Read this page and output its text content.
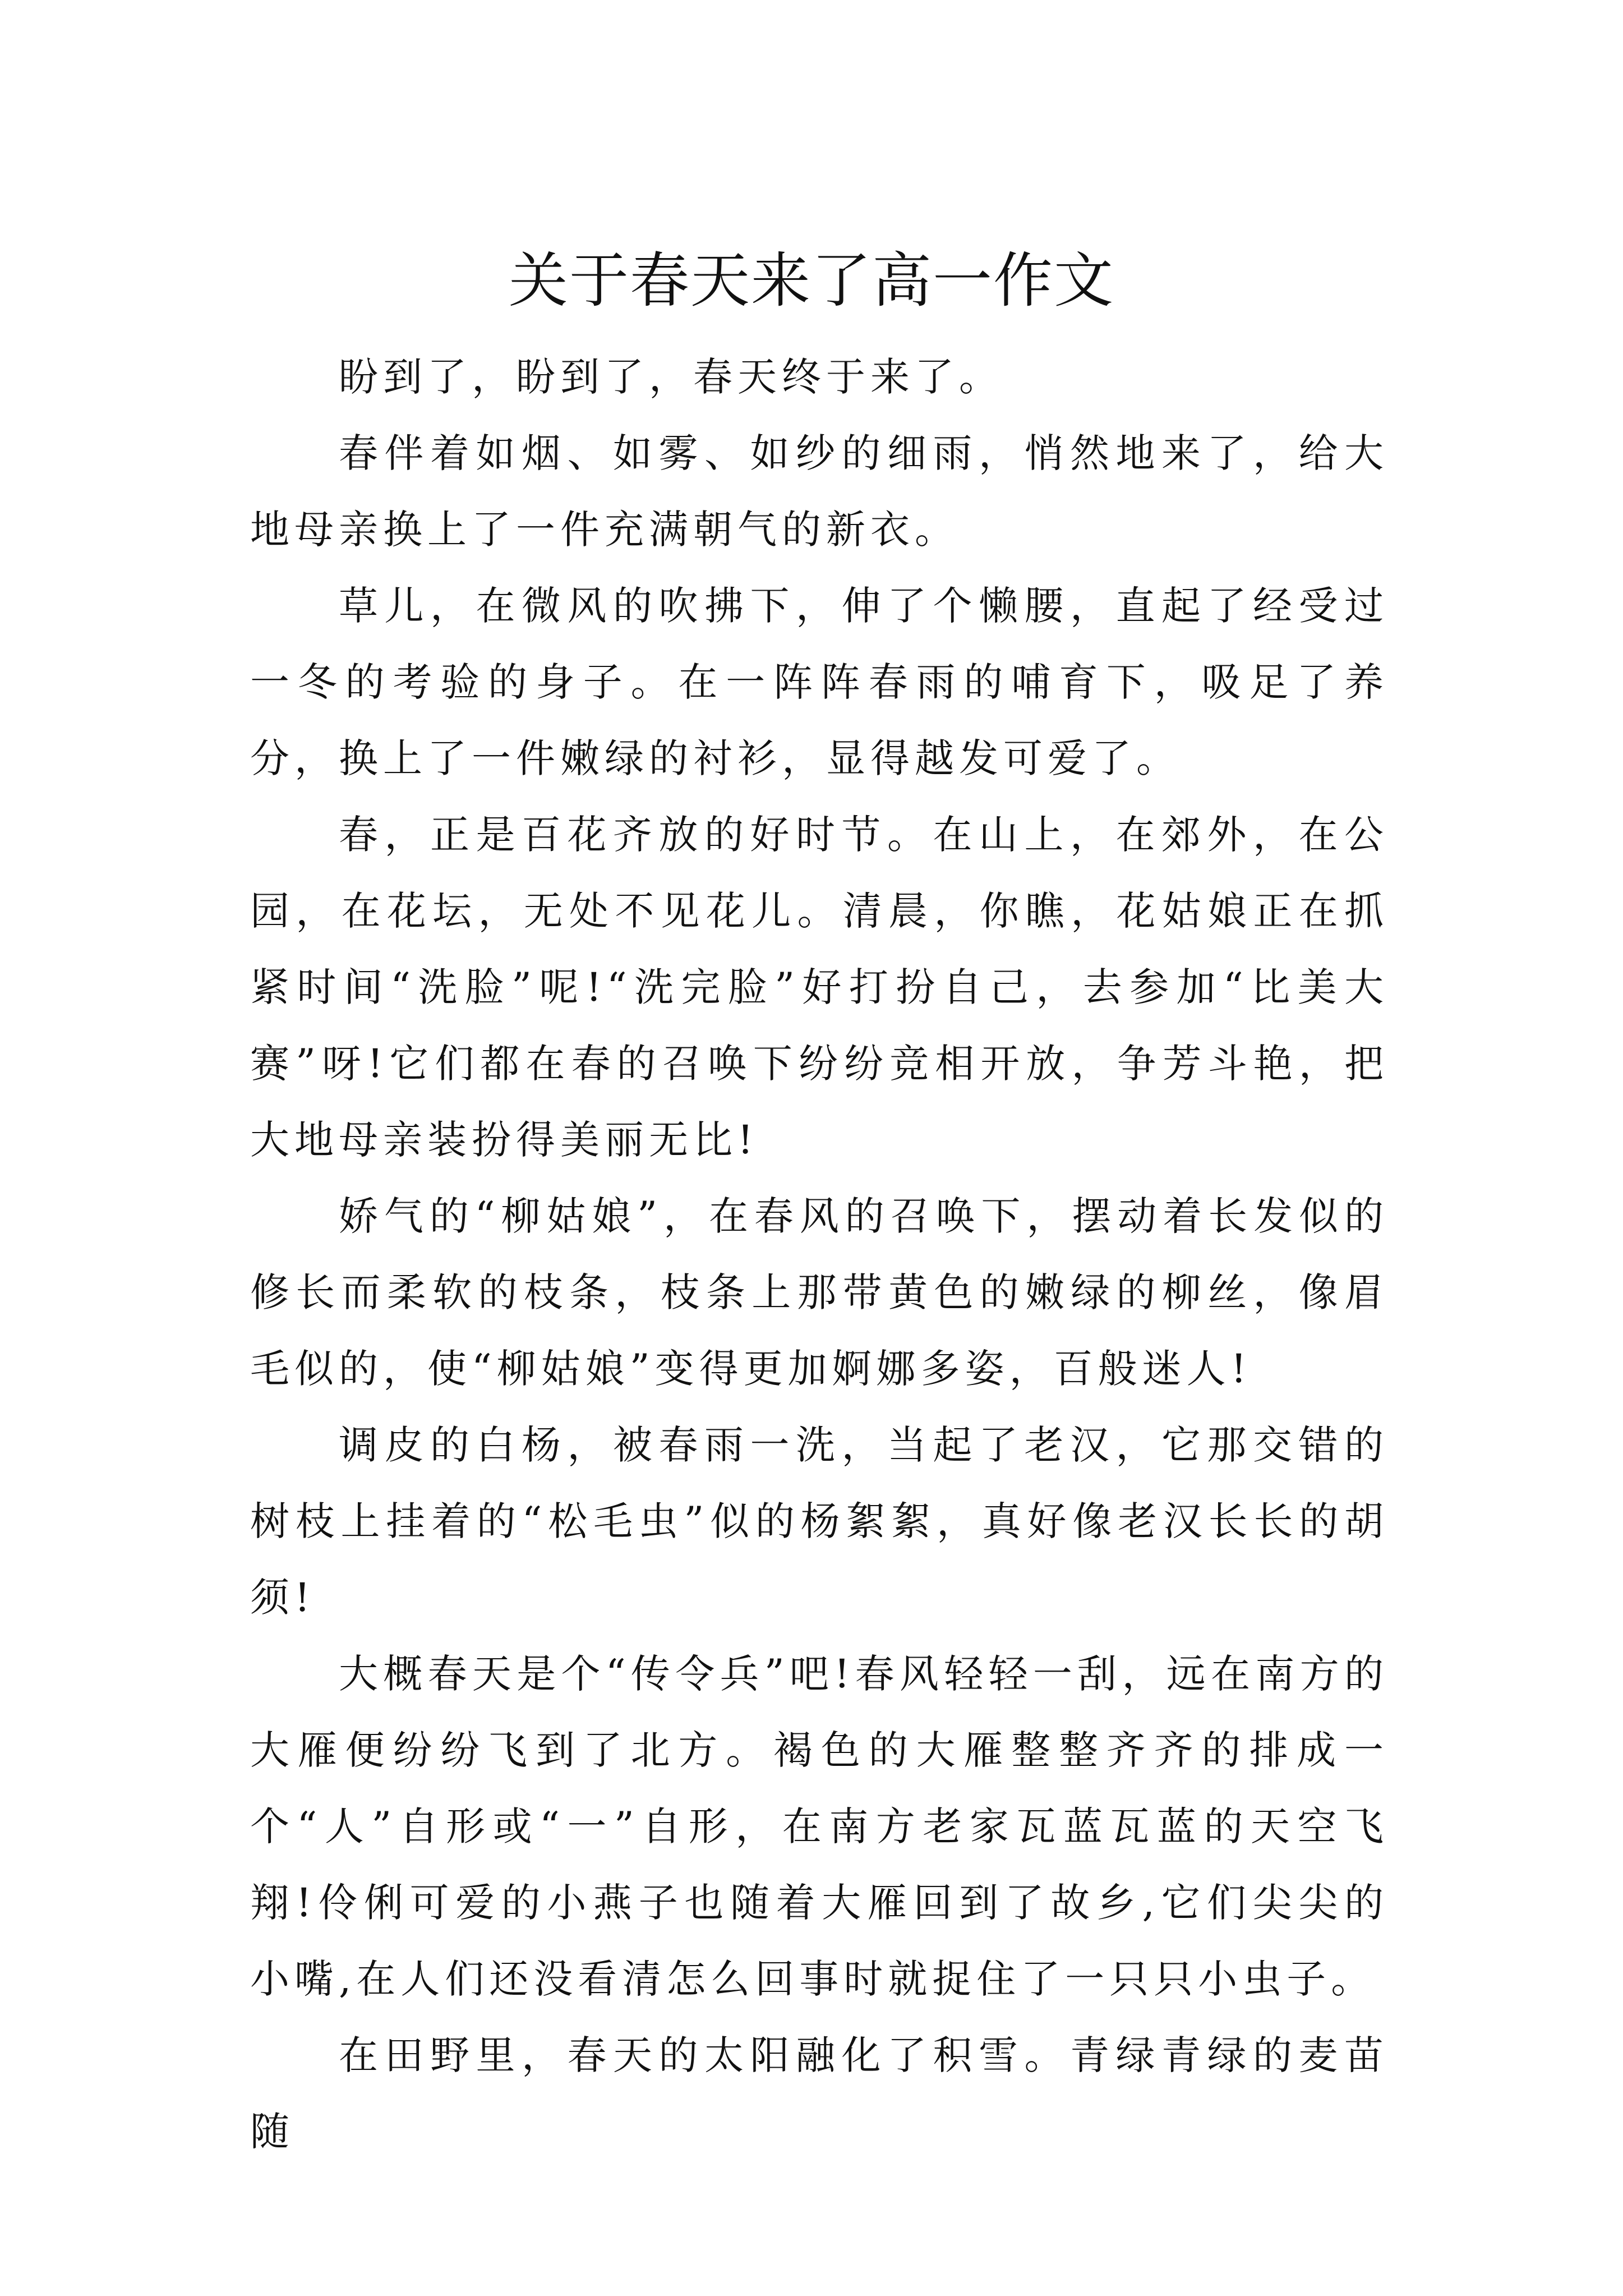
关于春天来了高一作文

盼到了，盼到了，春天终于来了。

春伴着如烟、如雾、如纱的细雨，悄然地来了，给大地母亲换上了一件充满朝气的新衣。

草儿，在微风的吹拂下，伸了个懒腰，直起了经受过一冬的考验的身子。在一阵阵春雨的哺育下，吸足了养分，换上了一件嫩绿的衬衫，显得越发可爱了。

春，正是百花齐放的好时节。在山上，在郊外，在公园，在花坛，无处不见花儿。清晨，你瞧，花姑娘正在抓紧时间“洗脸”呢!“洗完脸”好打扮自己，去参加“比美大赛”呀!它们都在春的召唤下纷纷竞相开放，争芳斗艳，把大地母亲装扮得美丽无比!

娇气的“柳姑娘”，在春风的召唤下，摆动着长发似的修长而柔软的枝条，枝条上那带黄色的嫩绿的柳丝，像眉毛似的，使“柳姑娘”变得更加婀娜多姿，百般迷人!

调皮的白杨，被春雨一洗，当起了老汉，它那交错的树枝上挂着的“松毛虫”似的杨絮絮，真好像老汉长长的胡须!

大概春天是个“传令兵”吧!春风轻轻一刮，远在南方的大雁便纷纷飞到了北方。褐色的大雁整整齐齐的排成一个“人”自形或“一”自形，在南方老家瓦蓝瓦蓝的天空飞翔!伶俐可爱的小燕子也随着大雁回到了故乡,它们尖尖的小嘴,在人们还没看清怎么回事时就捉住了一只只小虫子。

在田野里，春天的太阳融化了积雪。青绿青绿的麦苗随
